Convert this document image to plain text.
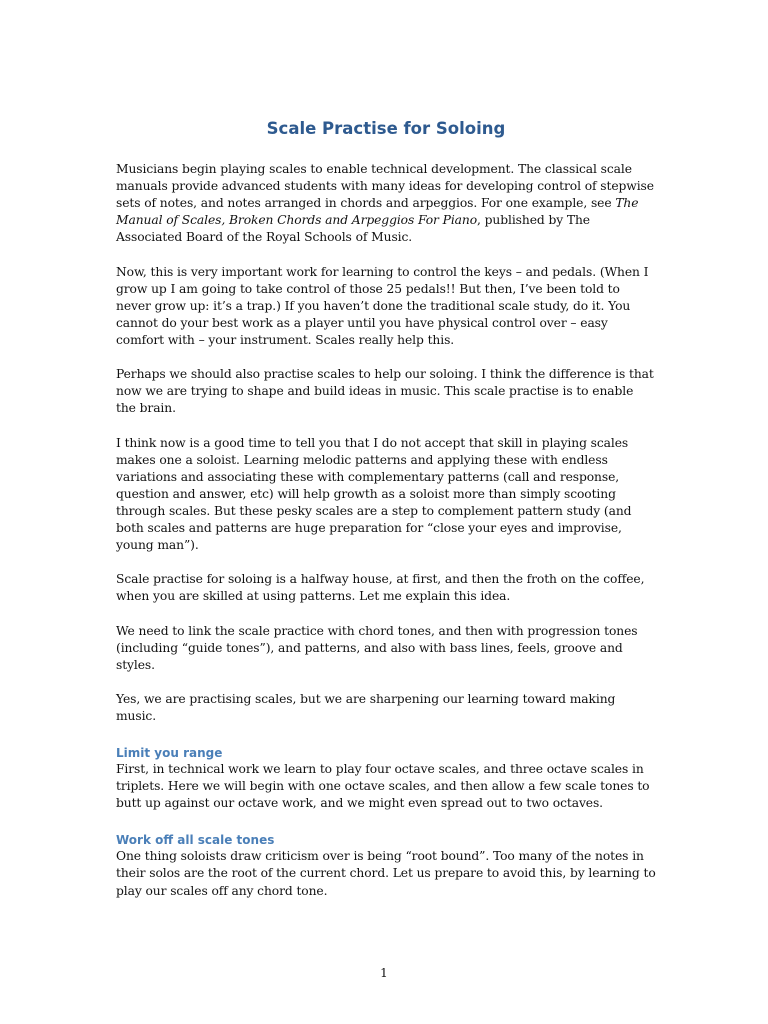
Scale Practise for Soloing

Musicians begin playing scales to enable technical development. The classical scale manuals provide advanced students with many ideas for developing control of stepwise sets of notes, and notes arranged in chords and arpeggios. For one example, see The Manual of Scales, Broken Chords and Arpeggios For Piano, published by The Associated Board of the Royal Schools of Music.

Now, this is very important work for learning to control the keys – and pedals. (When I grow up I am going to take control of those 25 pedals!! But then, I’ve been told to never grow up: it’s a trap.) If you haven’t done the traditional scale study, do it. You cannot do your best work as a player until you have physical control over – easy comfort with – your instrument. Scales really help this.

Perhaps we should also practise scales to help our soloing. I think the difference is that now we are trying to shape and build ideas in music. This scale practise is to enable the brain.

I think now is a good time to tell you that I do not accept that skill in playing scales makes one a soloist. Learning melodic patterns and applying these with endless variations and associating these with complementary patterns (call and response, question and answer, etc) will help growth as a soloist more than simply scooting through scales. But these pesky scales are a step to complement pattern study (and both scales and patterns are huge preparation for “close your eyes and improvise, young man”).

Scale practise for soloing is a halfway house, at first, and then the froth on the coffee, when you are skilled at using patterns. Let me explain this idea.

We need to link the scale practice with chord tones, and then with progression tones (including “guide tones”), and patterns, and also with bass lines, feels, groove and styles.

Yes, we are practising scales, but we are sharpening our learning toward making music.

Limit you range

First, in technical work we learn to play four octave scales, and three octave scales in triplets. Here we will begin with one octave scales, and then allow a few scale tones to butt up against our octave work, and we might even spread out to two octaves.

Work off all scale tones

One thing soloists draw criticism over is being “root bound”. Too many of the notes in their solos are the root of the current chord. Let us prepare to avoid this, by learning to play our scales off any chord tone.

1
